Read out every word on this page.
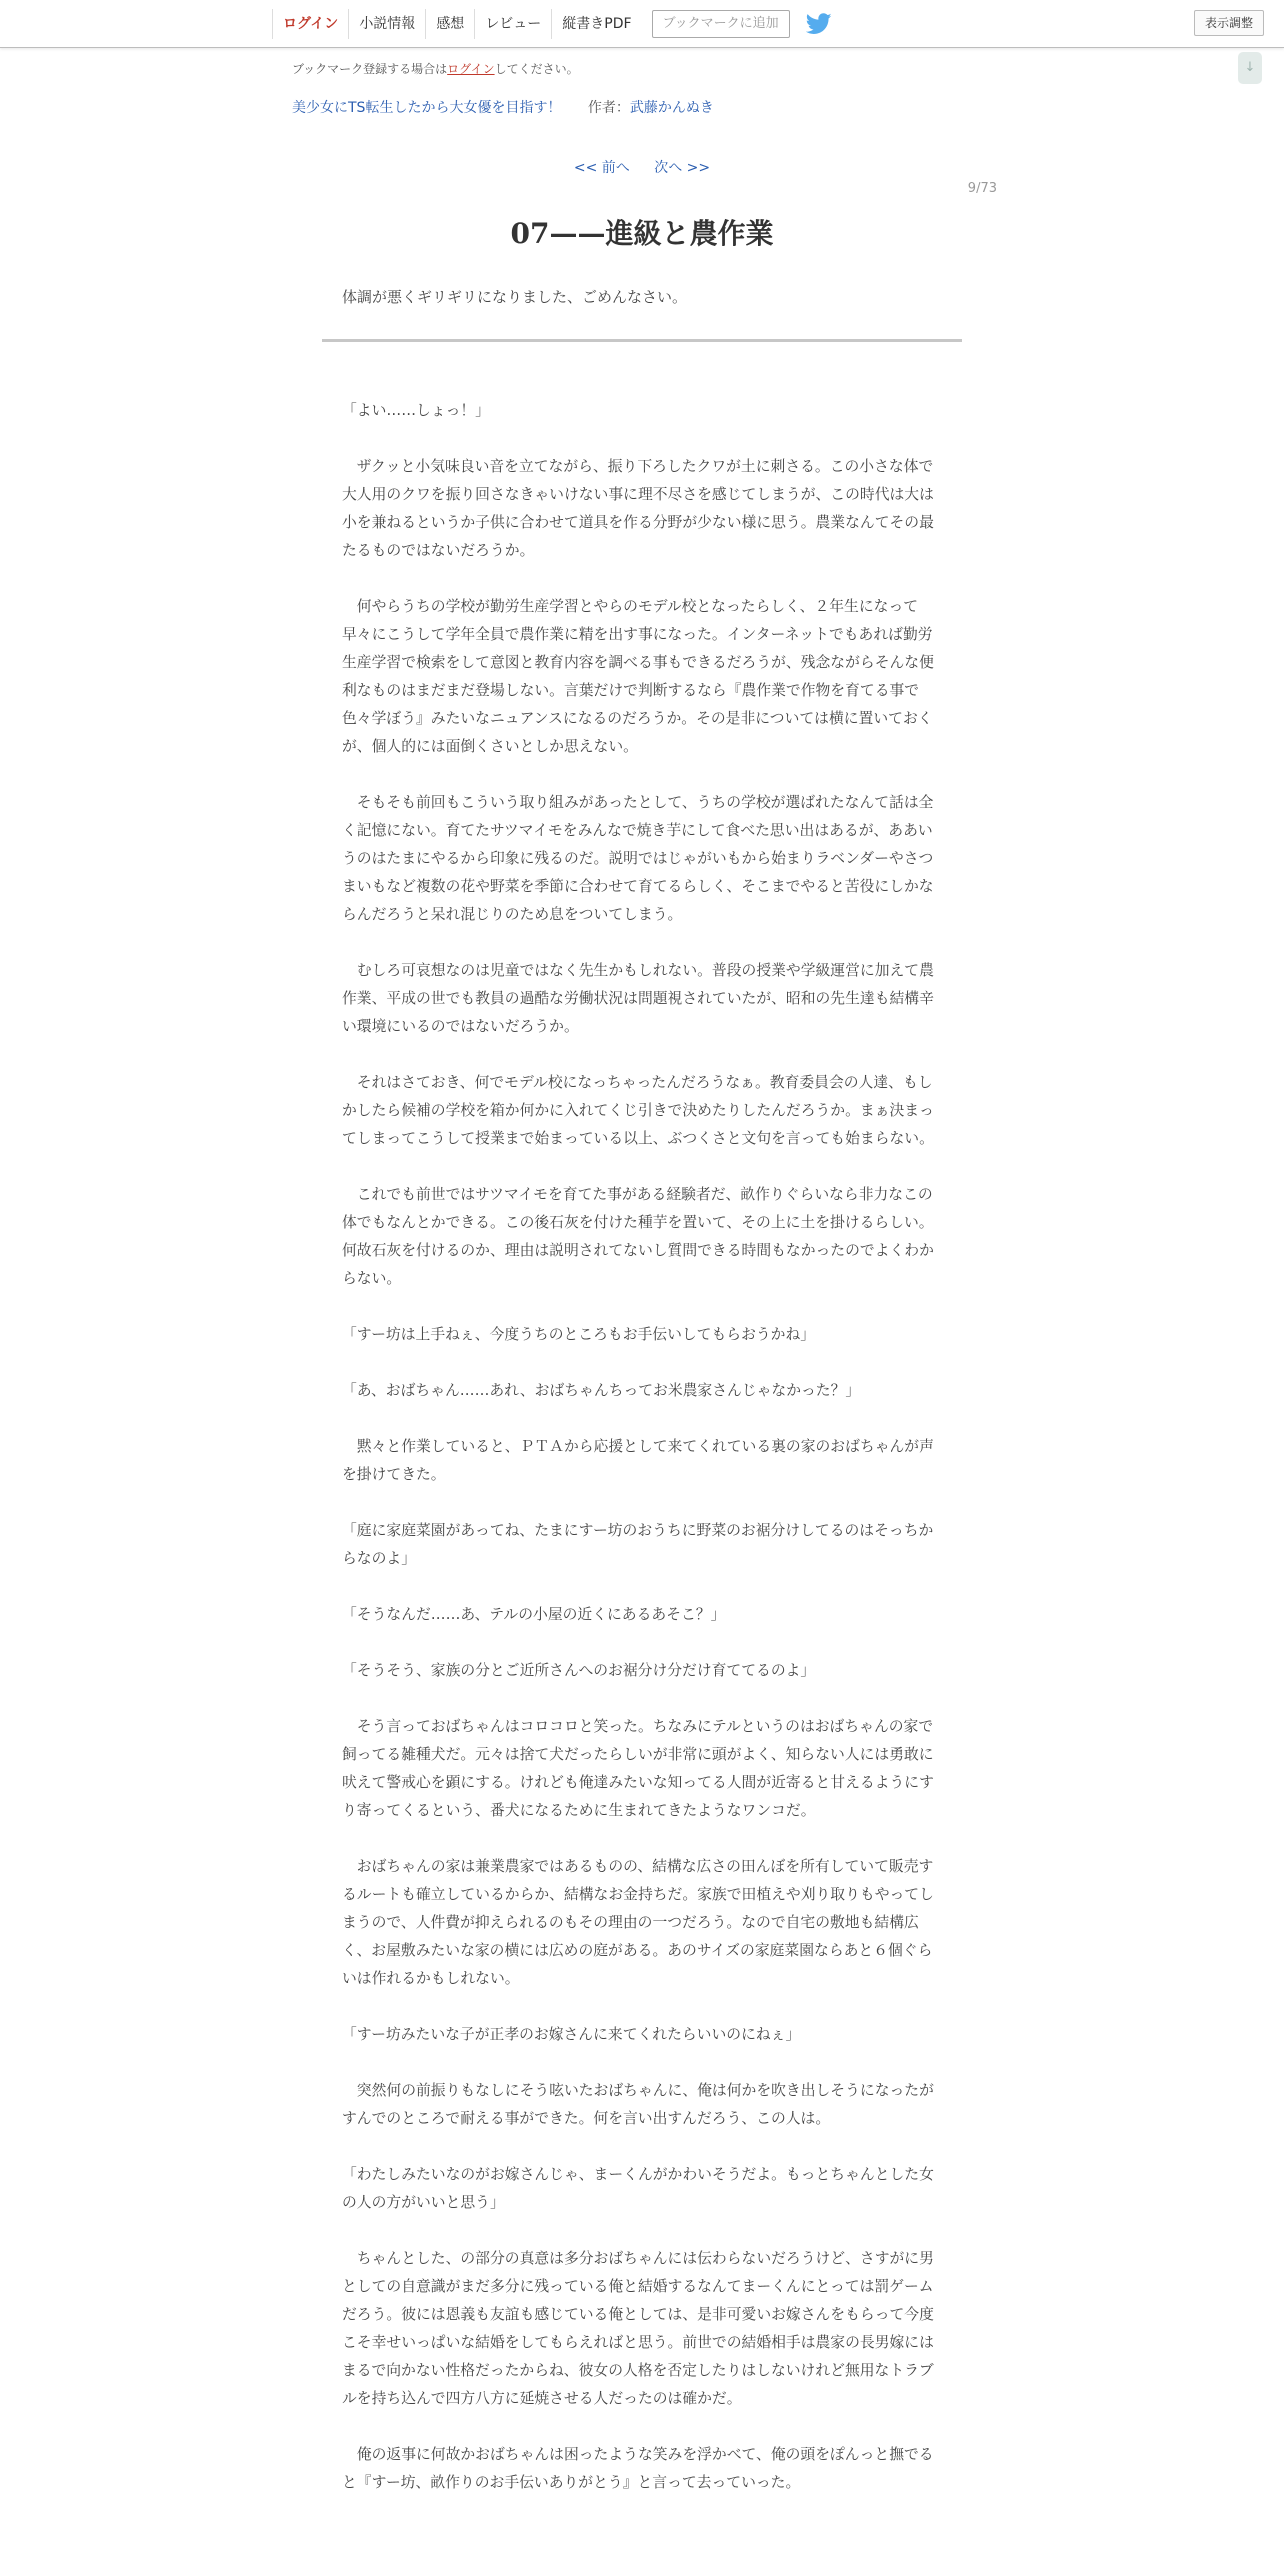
ログイン	小説情報	感想	レビュー	縦書きPDF	ブックマークに追加	表示調整
↓
ブックマーク登録する場合はログインしてください。
美少女にTS転生したから大女優を目指す！ 作者：武藤かんぬき
<< 前へ 次へ >>
9/73
07——進級と農作業
体調が悪くギリギリになりました、ごめんなさい。

「よい……しょっ！」

　ザクッと小気味良い音を立てながら、振り下ろしたクワが土に刺さる。この小さな体で大人用のクワを振り回さなきゃいけない事に理不尽さを感じてしまうが、この時代は大は小を兼ねるというか子供に合わせて道具を作る分野が少ない様に思う。農業なんてその最たるものではないだろうか。

　何やらうちの学校が勤労生産学習とやらのモデル校となったらしく、２年生になって早々にこうして学年全員で農作業に精を出す事になった。インターネットでもあれば勤労生産学習で検索をして意図と教育内容を調べる事もできるだろうが、残念ながらそんな便利なものはまだまだ登場しない。言葉だけで判断するなら『農作業で作物を育てる事で色々学ぼう』みたいなニュアンスになるのだろうか。その是非については横に置いておくが、個人的には面倒くさいとしか思えない。

　そもそも前回もこういう取り組みがあったとして、うちの学校が選ばれたなんて話は全く記憶にない。育てたサツマイモをみんなで焼き芋にして食べた思い出はあるが、ああいうのはたまにやるから印象に残るのだ。説明ではじゃがいもから始まりラベンダーやさつまいもなど複数の花や野菜を季節に合わせて育てるらしく、そこまでやると苦役にしかならんだろうと呆れ混じりのため息をついてしまう。

　むしろ可哀想なのは児童ではなく先生かもしれない。普段の授業や学級運営に加えて農作業、平成の世でも教員の過酷な労働状況は問題視されていたが、昭和の先生達も結構辛い環境にいるのではないだろうか。

　それはさておき、何でモデル校になっちゃったんだろうなぁ。教育委員会の人達、もしかしたら候補の学校を箱か何かに入れてくじ引きで決めたりしたんだろうか。まぁ決まってしまってこうして授業まで始まっている以上、ぶつくさと文句を言っても始まらない。

　これでも前世ではサツマイモを育てた事がある経験者だ、畝作りぐらいなら非力なこの体でもなんとかできる。この後石灰を付けた種芋を置いて、その上に土を掛けるらしい。何故石灰を付けるのか、理由は説明されてないし質問できる時間もなかったのでよくわからない。

「すー坊は上手ねぇ、今度うちのところもお手伝いしてもらおうかね」

「あ、おばちゃん……あれ、おばちゃんちってお米農家さんじゃなかった？」

　黙々と作業していると、ＰＴＡから応援として来てくれている裏の家のおばちゃんが声を掛けてきた。

「庭に家庭菜園があってね、たまにすー坊のおうちに野菜のお裾分けしてるのはそっちからなのよ」

「そうなんだ……あ、テルの小屋の近くにあるあそこ？」

「そうそう、家族の分とご近所さんへのお裾分け分だけ育ててるのよ」

　そう言っておばちゃんはコロコロと笑った。ちなみにテルというのはおばちゃんの家で飼ってる雑種犬だ。元々は捨て犬だったらしいが非常に頭がよく、知らない人には勇敢に吠えて警戒心を顕にする。けれども俺達みたいな知ってる人間が近寄ると甘えるようにすり寄ってくるという、番犬になるために生まれてきたようなワンコだ。

　おばちゃんの家は兼業農家ではあるものの、結構な広さの田んぼを所有していて販売するルートも確立しているからか、結構なお金持ちだ。家族で田植えや刈り取りもやってしまうので、人件費が抑えられるのもその理由の一つだろう。なので自宅の敷地も結構広く、お屋敷みたいな家の横には広めの庭がある。あのサイズの家庭菜園ならあと６個ぐらいは作れるかもしれない。

「すー坊みたいな子が正孝のお嫁さんに来てくれたらいいのにねぇ」

　突然何の前振りもなしにそう呟いたおばちゃんに、俺は何かを吹き出しそうになったがすんでのところで耐える事ができた。何を言い出すんだろう、この人は。

「わたしみたいなのがお嫁さんじゃ、まーくんがかわいそうだよ。もっとちゃんとした女の人の方がいいと思う」

　ちゃんとした、の部分の真意は多分おばちゃんには伝わらないだろうけど、さすがに男としての自意識がまだ多分に残っている俺と結婚するなんてまーくんにとっては罰ゲームだろう。彼には恩義も友誼も感じている俺としては、是非可愛いお嫁さんをもらって今度こそ幸せいっぱいな結婚をしてもらえればと思う。前世での結婚相手は農家の長男嫁にはまるで向かない性格だったからね、彼女の人格を否定したりはしないけれど無用なトラブルを持ち込んで四方八方に延焼させる人だったのは確かだ。

　俺の返事に何故かおばちゃんは困ったような笑みを浮かべて、俺の頭をぽんっと撫でると『すー坊、畝作りのお手伝いありがとう』と言って去っていった。
